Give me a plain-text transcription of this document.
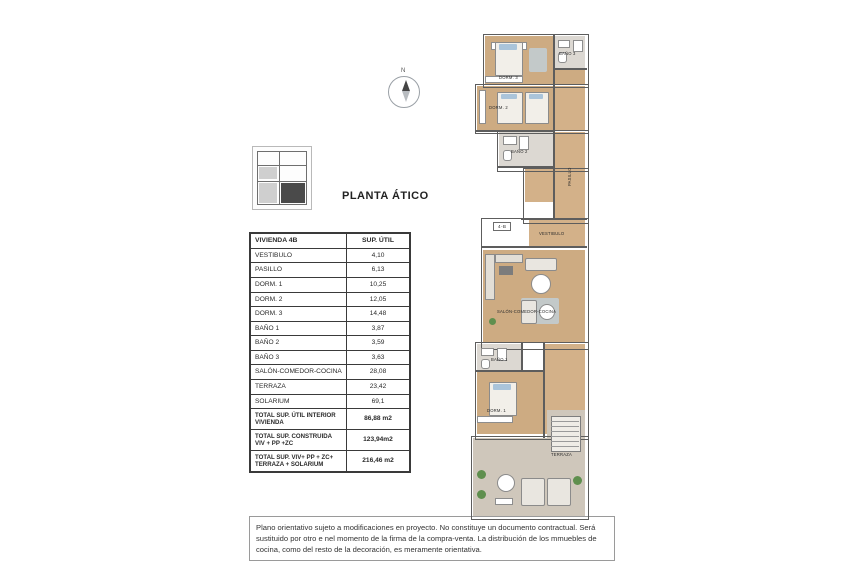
N
PLANTA ÁTICO
VIVIENDA 4B	SUP. ÚTIL
VESTIBULO	4,10
PASILLO	6,13
DORM. 1	10,25
DORM. 2	12,05
DORM. 3	14,48
BAÑO 1	3,87
BAÑO 2	3,59
BAÑO 3	3,63
SALÓN-COMEDOR-COCINA	28,08
TERRAZA	23,42
SOLARIUM	69,1
TOTAL SUP. ÚTIL INTERIOR VIVIENDA	86,88 m2
TOTAL SUP. CONSTRUIDA VIV + PP +ZC	123,94m2
TOTAL SUP. VIV+ PP + ZC+ TERRAZA + SOLARIUM	216,46 m2
Plano orientativo sujeto a modificaciones en proyecto. No constituye un documento contractual. Será sustituido por otro e nel momento de la firma de la compra-venta. La distribución de los mmuebles de cocina, como del resto de la decoración, es meramente orientativa.
DORM. 3
BAÑO 3
DORM. 2
BAÑO 2
PASILLO
4-B
VESTIBULO
SALÓN-COMEDOR-COCINA
BAÑO 1
DORM. 1
TERRAZA
